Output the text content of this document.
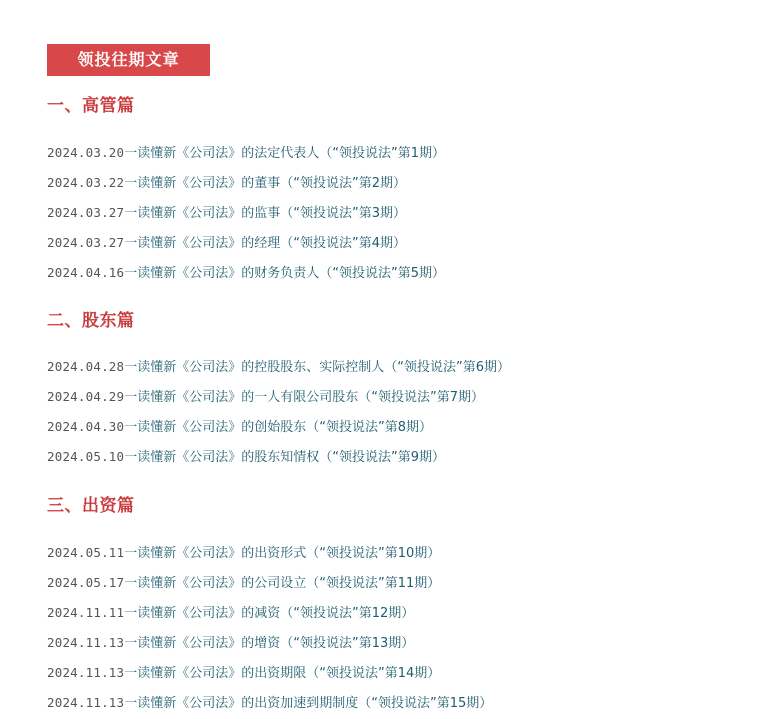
领投往期文章
一、高管篇
2024.03.20一读懂新《公司法》的法定代表人（“领投说法”第1期）
2024.03.22一读懂新《公司法》的董事（“领投说法”第2期）
2024.03.27一读懂新《公司法》的监事（“领投说法”第3期）
2024.03.27一读懂新《公司法》的经理（“领投说法”第4期）
2024.04.16一读懂新《公司法》的财务负责人（“领投说法”第5期）
二、股东篇
2024.04.28一读懂新《公司法》的控股股东、实际控制人（“领投说法”第6期）
2024.04.29一读懂新《公司法》的一人有限公司股东（“领投说法”第7期）
2024.04.30一读懂新《公司法》的创始股东（“领投说法”第8期）
2024.05.10一读懂新《公司法》的股东知情权（“领投说法”第9期）
三、出资篇
2024.05.11一读懂新《公司法》的出资形式（“领投说法”第10期）
2024.05.17一读懂新《公司法》的公司设立（“领投说法”第11期）
2024.11.11一读懂新《公司法》的减资（“领投说法”第12期）
2024.11.13一读懂新《公司法》的增资（“领投说法”第13期）
2024.11.13一读懂新《公司法》的出资期限（“领投说法”第14期）
2024.11.13一读懂新《公司法》的出资加速到期制度（“领投说法”第15期）
